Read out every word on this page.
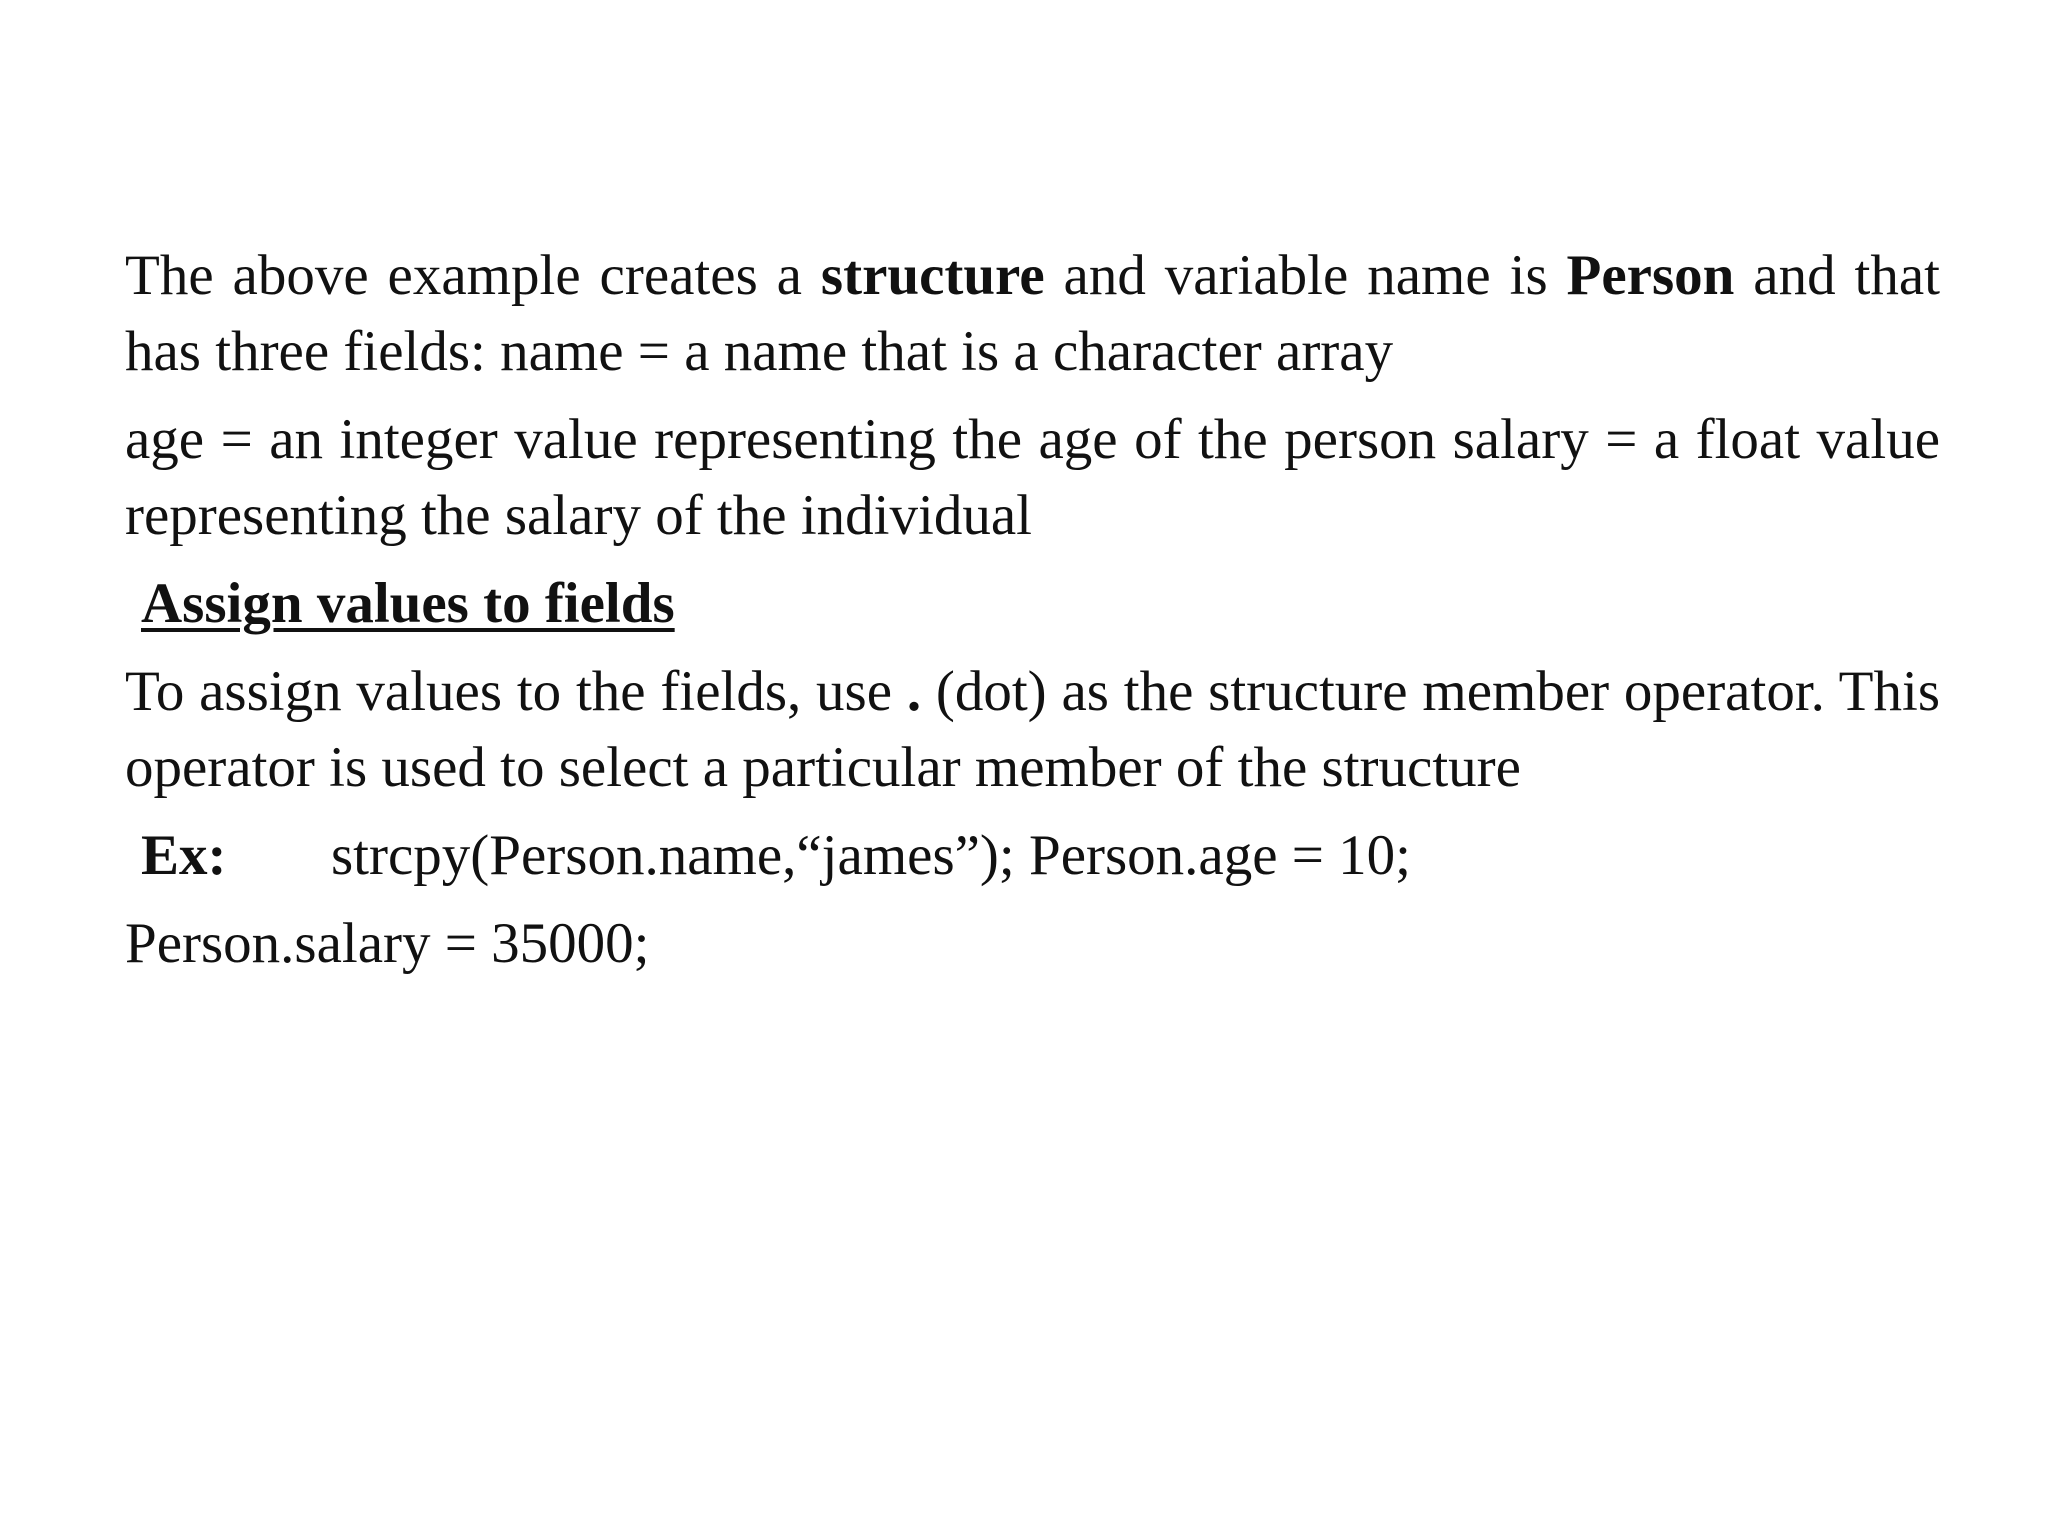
The above example creates a structure and variable name is Person and that has three fields: name = a name that is a character array

age = an integer value representing the age of the person salary = a float value representing the salary of the individual

Assign values to fields

To assign values to the fields, use . (dot) as the structure member operator. This operator is used to select a particular member of the structure

Ex: strcpy(Person.name,“james”); Person.age = 10;

Person.salary = 35000;
